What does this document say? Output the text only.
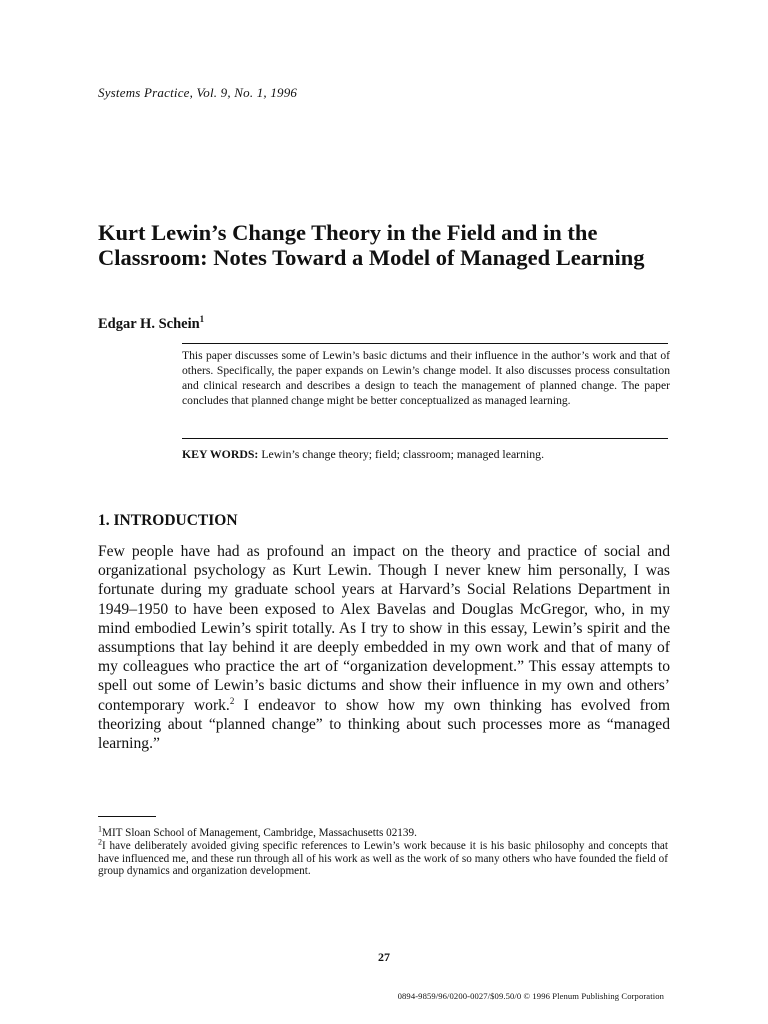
Systems Practice, Vol. 9, No. 1, 1996
Kurt Lewin’s Change Theory in the Field and in the Classroom: Notes Toward a Model of Managed Learning
Edgar H. Schein$^1$

This paper discusses some of Lewin’s basic dictums and their influence in the author’s work and that of others. Specifically, the paper expands on Lewin’s change model. It also discusses process consultation and clinical research and describes a design to teach the management of planned change. The paper concludes that planned change might be better conceptualized as managed learning.

KEY WORDS: Lewin’s change theory; field; classroom; managed learning.
1. INTRODUCTION

Few people have had as profound an impact on the theory and practice of social and organizational psychology as Kurt Lewin. Though I never knew him personally, I was fortunate during my graduate school years at Harvard’s Social Relations Department in 1949–1950 to have been exposed to Alex Bavelas and Douglas McGregor, who, in my mind embodied Lewin’s spirit totally. As I try to show in this essay, Lewin’s spirit and the assumptions that lay behind it are deeply embedded in my own work and that of many of my colleagues who practice the art of “organization development.” This essay attempts to spell out some of Lewin’s basic dictums and show their influence in my own and others’ contemporary work.$^2$ I endeavor to show how my own thinking has evolved from theorizing about “planned change” to thinking about such processes more as “managed learning.”

$^1$MIT Sloan School of Management, Cambridge, Massachusetts 02139.

$^2$I have deliberately avoided giving specific references to Lewin’s work because it is his basic philosophy and concepts that have influenced me, and these run through all of his work as well as the work of so many others who have founded the field of group dynamics and organization development.

27
0894-9859/96/0200-0027/$09.50/0 © 1996 Plenum Publishing Corporation
